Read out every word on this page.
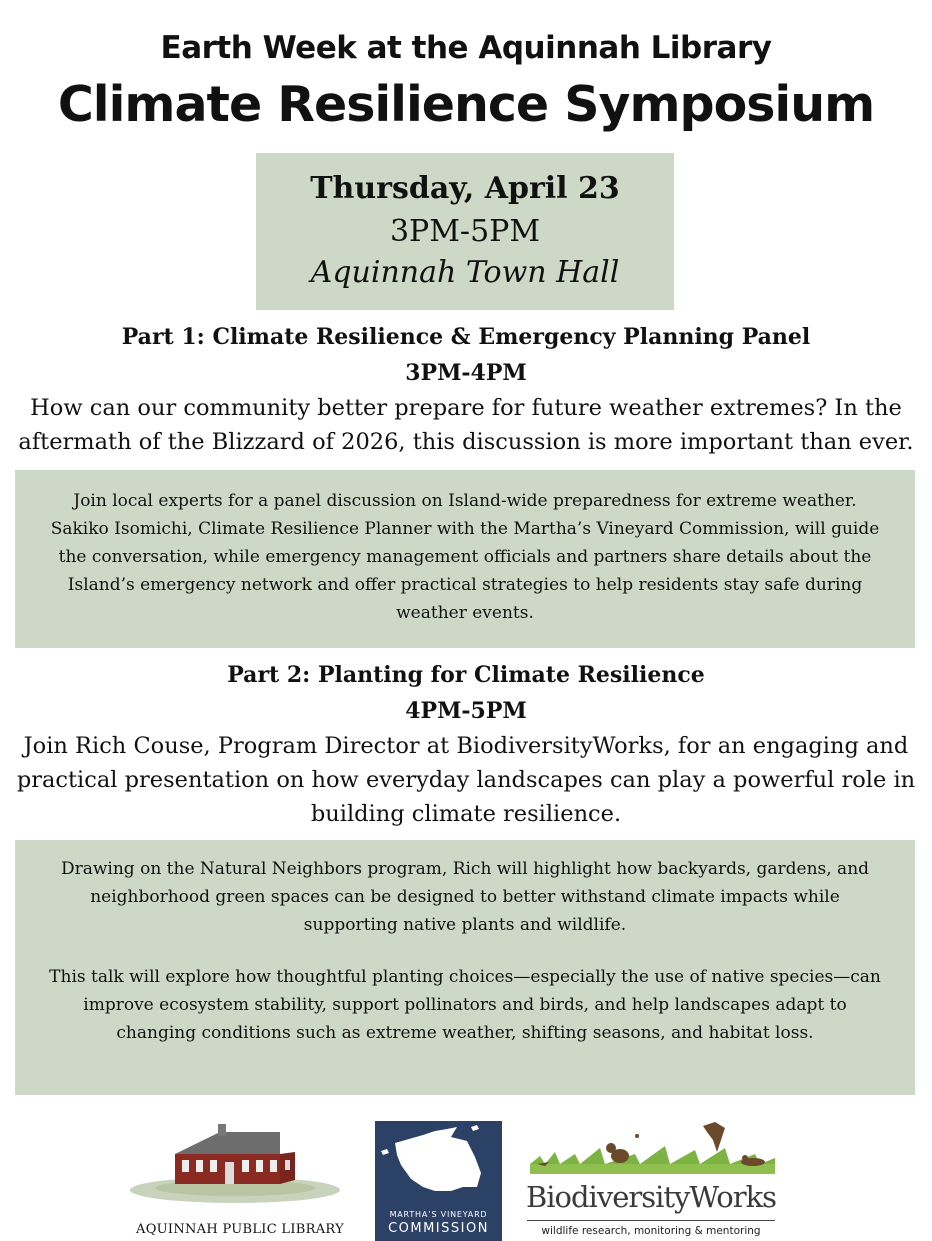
Earth Week at the Aquinnah Library
Climate Resilience Symposium
Thursday, April 23
3PM-5PM
Aquinnah Town Hall
Part 1: Climate Resilience & Emergency Planning Panel
3PM-4PM
How can our community better prepare for future weather extremes? In the aftermath of the Blizzard of 2026, this discussion is more important than ever.
Join local experts for a panel discussion on Island-wide preparedness for extreme weather. Sakiko Isomichi, Climate Resilience Planner with the Martha’s Vineyard Commission, will guide the conversation, while emergency management officials and partners share details about the Island’s emergency network and offer practical strategies to help residents stay safe during weather events.
Part 2: Planting for Climate Resilience
4PM-5PM
Join Rich Couse, Program Director at BiodiversityWorks, for an engaging and practical presentation on how everyday landscapes can play a powerful role in building climate resilience.
Drawing on the Natural Neighbors program, Rich will highlight how backyards, gardens, and neighborhood green spaces can be designed to better withstand climate impacts while supporting native plants and wildlife.
This talk will explore how thoughtful planting choices—especially the use of native species—can improve ecosystem stability, support pollinators and birds, and help landscapes adapt to changing conditions such as extreme weather, shifting seasons, and habitat loss.
AQUINNAH PUBLIC LIBRARY
MARTHA’S VINEYARD
COMMISSION
BiodiversityWorks
wildlife research, monitoring & mentoring
